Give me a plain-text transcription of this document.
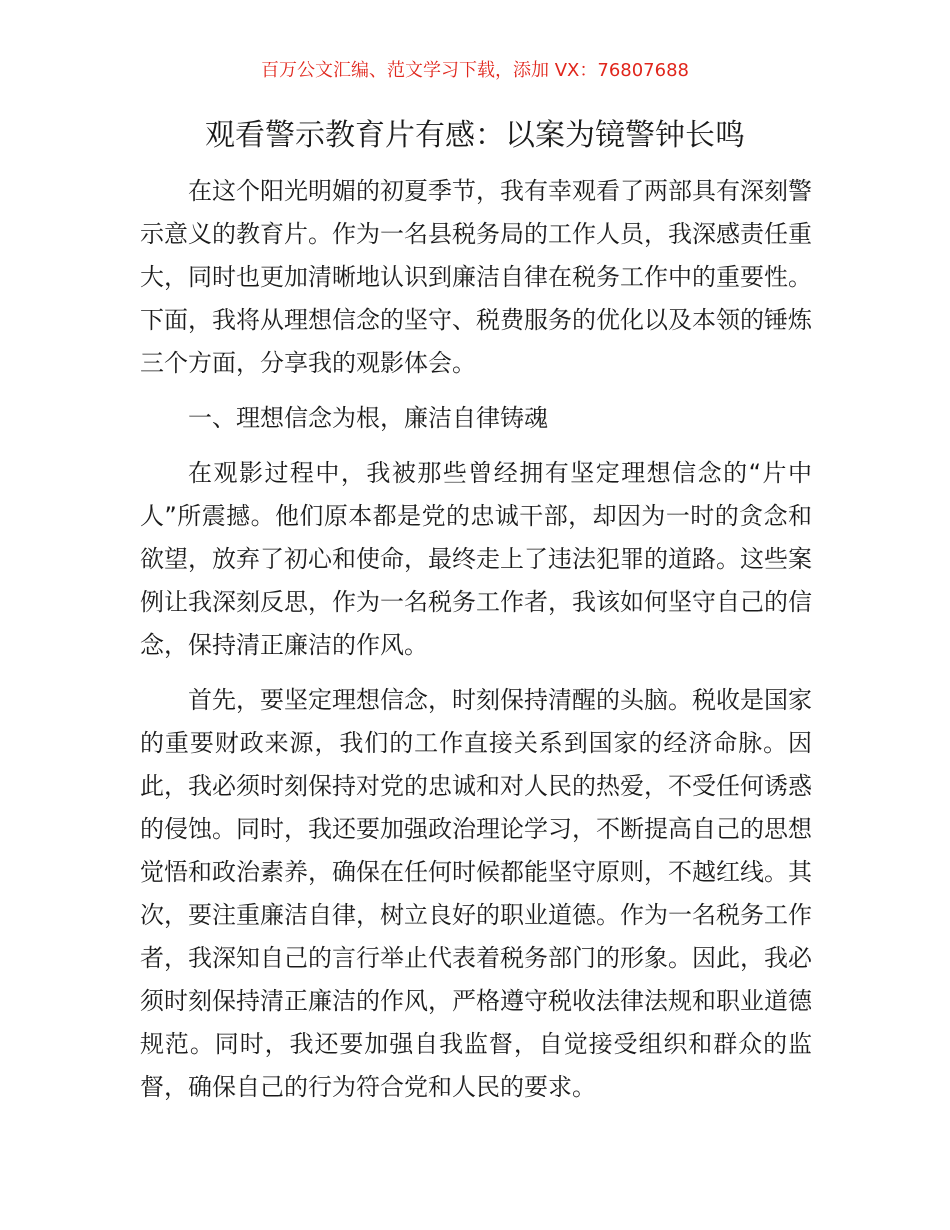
百万公文汇编、范文学习下载，添加 VX：76807688
观看警示教育片有感：以案为镜警钟长鸣

在这个阳光明媚的初夏季节，我有幸观看了两部具有深刻警示意义的教育片。作为一名县税务局的工作人员，我深感责任重大，同时也更加清晰地认识到廉洁自律在税务工作中的重要性。下面，我将从理想信念的坚守、税费服务的优化以及本领的锤炼三个方面，分享我的观影体会。

一、理想信念为根，廉洁自律铸魂

在观影过程中，我被那些曾经拥有坚定理想信念的“片中人”所震撼。他们原本都是党的忠诚干部，却因为一时的贪念和欲望，放弃了初心和使命，最终走上了违法犯罪的道路。这些案例让我深刻反思，作为一名税务工作者，我该如何坚守自己的信念，保持清正廉洁的作风。

首先，要坚定理想信念，时刻保持清醒的头脑。税收是国家的重要财政来源，我们的工作直接关系到国家的经济命脉。因此，我必须时刻保持对党的忠诚和对人民的热爱，不受任何诱惑的侵蚀。同时，我还要加强政治理论学习，不断提高自己的思想觉悟和政治素养，确保在任何时候都能坚守原则，不越红线。其次，要注重廉洁自律，树立良好的职业道德。作为一名税务工作者，我深知自己的言行举止代表着税务部门的形象。因此，我必须时刻保持清正廉洁的作风，严格遵守税收法律法规和职业道德规范。同时，我还要加强自我监督，自觉接受组织和群众的监督，确保自己的行为符合党和人民的要求。
